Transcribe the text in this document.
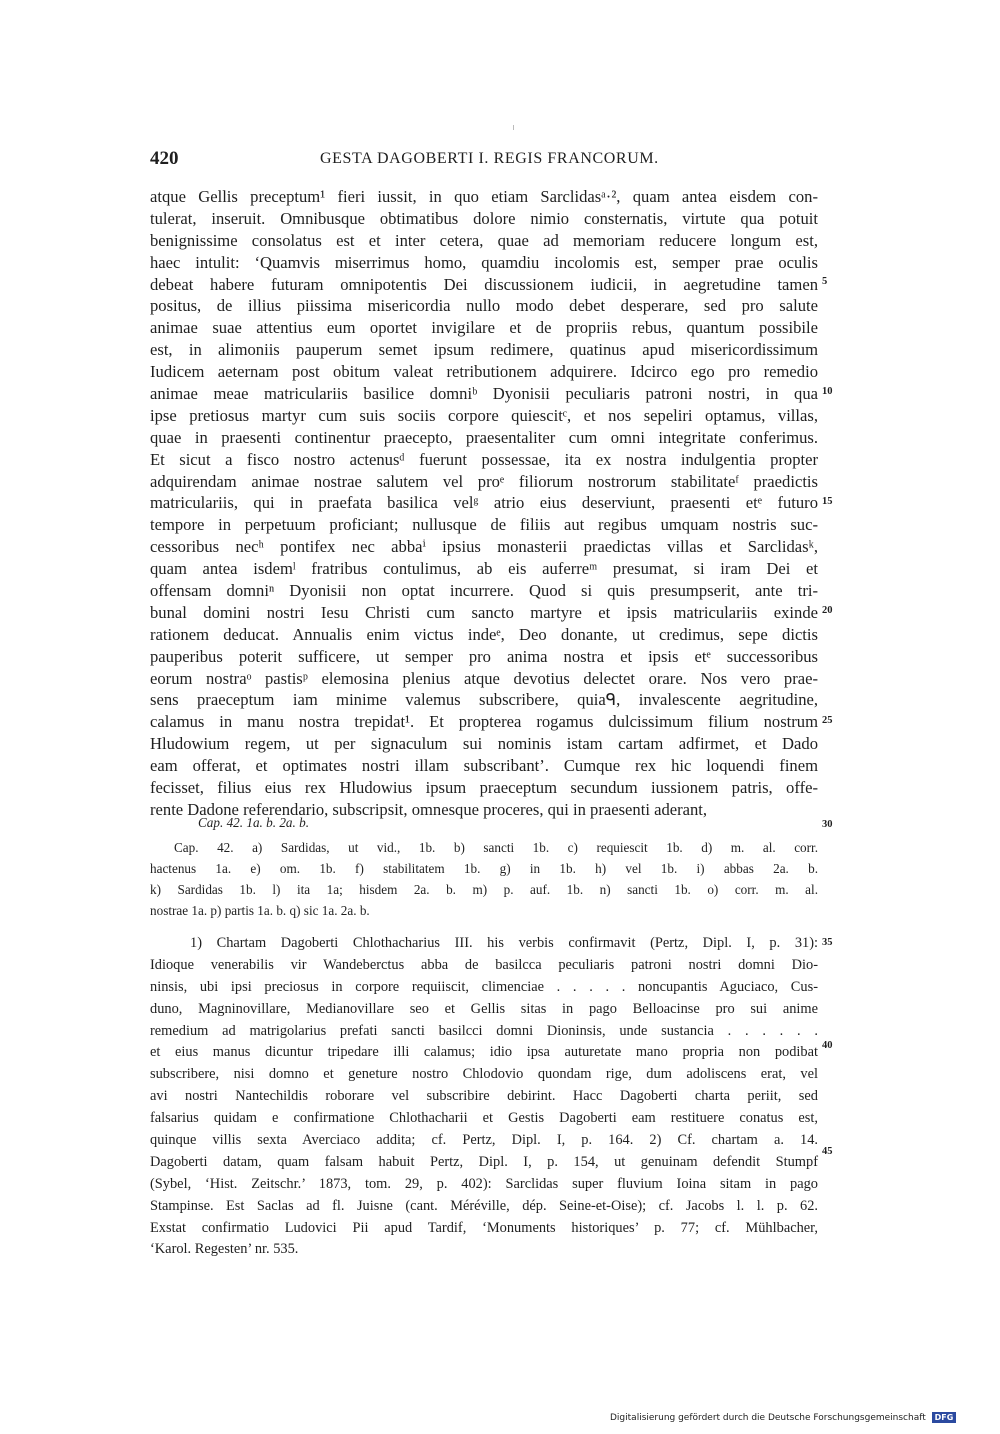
420	GESTA DAGOBERTI I. REGIS FRANCORUM.
atque Gellis preceptum¹ fieri iussit, in quo etiam Sarclidasᵃ·², quam antea eisdem con-
tulerat, inseruit. Omnibusque obtimatibus dolore nimio consternatis, virtute qua potuit
benignissime consolatus est et inter cetera, quae ad memoriam reducere longum est,
haec intulit: ‘Quamvis miserrimus homo, quamdiu incolomis est, semper prae oculis
debeat habere futuram omnipotentis Dei discussionem iudicii, in aegretudine tamen
positus, de illius piissima misericordia nullo modo debet desperare, sed pro salute
animae suae attentius eum oportet invigilare et de propriis rebus, quantum possibile
est, in alimoniis pauperum semet ipsum redimere, quatinus apud misericordissimum
Iudicem aeternam post obitum valeat retributionem adquirere. Idcirco ego pro remedio
animae meae matriculariis basilice domniᵇ Dyonisii peculiaris patroni nostri, in qua
ipse pretiosus martyr cum suis sociis corpore quiescitᶜ, et nos sepeliri optamus, villas,
quae in praesenti continentur praecepto, praesentaliter cum omni integritate conferimus.
Et sicut a fisco nostro actenusᵈ fuerunt possessae, ita ex nostra indulgentia propter
adquirendam animae nostrae salutem vel proᵉ filiorum nostrorum stabilitateᶠ praedictis
matriculariis, qui in praefata basilica velᵍ atrio eius deserviunt, praesenti etᵉ futuro
tempore in perpetuum proficiant; nullusque de filiis aut regibus umquam nostris suc-
cessoribus necʰ pontifex nec abbaⁱ ipsius monasterii praedictas villas et Sarclidasᵏ,
quam antea isdemˡ fratribus contulimus, ab eis auferreᵐ presumat, si iram Dei et
offensam domniⁿ Dyonisii non optat incurrere. Quod si quis presumpserit, ante tri-
bunal domini nostri Iesu Christi cum sancto martyre et ipsis matriculariis exinde
rationem deducat. Annualis enim victus indeᵉ, Deo donante, ut credimus, sepe dictis
pauperibus poterit sufficere, ut semper pro anima nostra et ipsis etᵉ successoribus
eorum nostraᵒ pastisᵖ elemosina plenius atque devotius delectet orare. Nos vero prae-
sens praeceptum iam minime valemus subscribere, quiaᑫ, invalescente aegritudine,
calamus in manu nostra trepidat¹. Et propterea rogamus dulcissimum filium nostrum
Hludowium regem, ut per signaculum sui nominis istam cartam adfirmet, et Dado
eam offerat, et optimates nostri illam subscribant’. Cumque rex hic loquendi finem
fecisset, filius eius rex Hludowius ipsum praeceptum secundum iussionem patris, offe-
rente Dadone referendario, subscripsit, omnesque proceres, qui in praesenti aderant,
5
10
15
20
25
Cap. 42. 1a. b. 2a. b.	30
Cap. 42. a) Sardidas, ut vid., 1b. b) sancti 1b. c) requiescit 1b. d) m. al. corr.
hactenus 1a. e) om. 1b. f) stabilitatem 1b. g) in 1b. h) vel 1b. i) abbas 2a. b.
k) Sardidas 1b. l) ita 1a; hisdem 2a. b. m) p. auf. 1b. n) sancti 1b. o) corr. m. al.
nostrae 1a. p) partis 1a. b. q) sic 1a. 2a. b.
1) Chartam Dagoberti Chlothacharius III. his verbis confirmavit (Pertz, Dipl. I, p. 31):
Idioque venerabilis vir Wandeberctus abba de basilcca peculiaris patroni nostri domni Dio-
ninsis, ubi ipsi preciosus in corpore requiiscit, climenciae . . . . . noncupantis Aguciaco, Cus-
duno, Magninovillare, Medianovillare seo et Gellis sitas in pago Belloacinse pro sui anime
remedium ad matrigolarius prefati sancti basilcci domni Dioninsis, unde sustancia . . . . . .
et eius manus dicuntur tripedare illi calamus; idio ipsa auturetate mano propria non podibat
subscribere, nisi domno et geneture nostro Chlodovio quondam rige, dum adoliscens erat, vel
avi nostri Nantechildis roborare vel subscribire debirint. Hacc Dagoberti charta periit, sed
falsarius quidam e confirmatione Chlothacharii et Gestis Dagoberti eam restituere conatus est,
quinque villis sexta Averciaco addita; cf. Pertz, Dipl. I, p. 164. 2) Cf. chartam a. 14.
Dagoberti datam, quam falsam habuit Pertz, Dipl. I, p. 154, ut genuinam defendit Stumpf
(Sybel, ‘Hist. Zeitschr.’ 1873, tom. 29, p. 402): Sarclidas super fluvium Ioina sitam in pago
Stampinse. Est Saclas ad fl. Juisne (cant. Méréville, dép. Seine-et-Oise); cf. Jacobs l. l. p. 62.
Exstat confirmatio Ludovici Pii apud Tardif, ‘Monuments historiques’ p. 77; cf. Mühlbacher,
‘Karol. Regesten’ nr. 535.
35
40
45
Digitalisierung gefördert durch die Deutsche Forschungsgemeinschaft DFG
